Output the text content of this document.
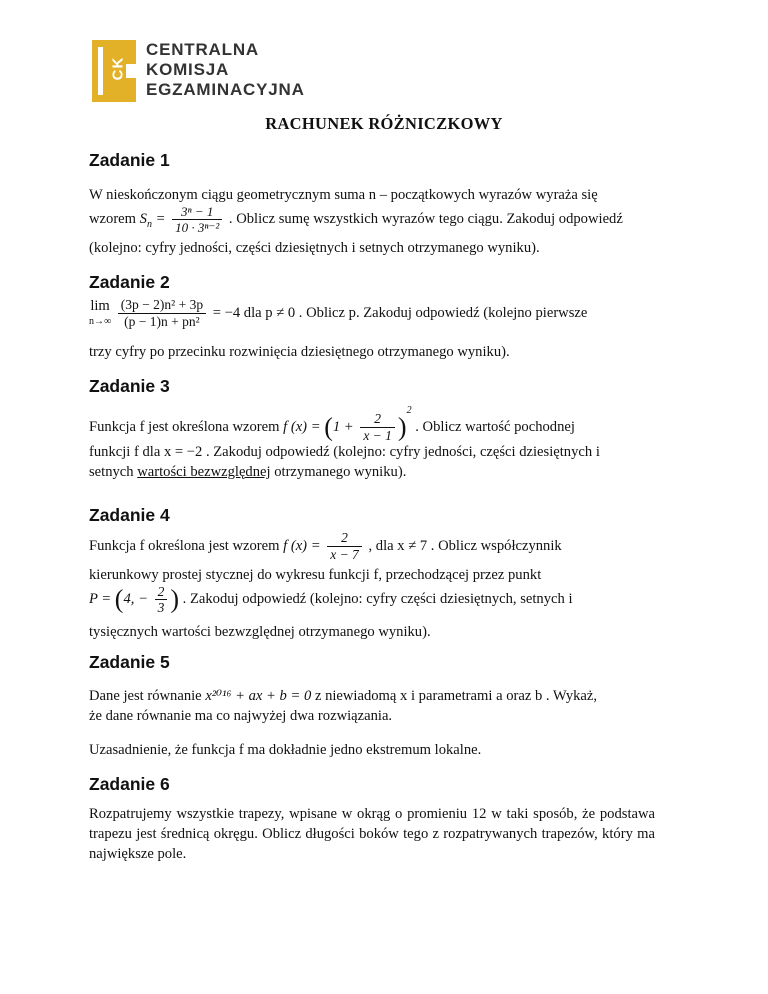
CK
CENTRALNA
KOMISJA
EGZAMINACYJNA
RACHUNEK RÓŻNICZKOWY
Zadanie 1
W nieskończonym ciągu geometrycznym suma n – początkowych wyrazów wyraża się
wzorem $S_n = \frac{\text{3ⁿ − 1}}{\text{10 · 3ⁿ⁻²}}$ . Oblicz sumę wszystkich wyrazów tego ciągu. Zakoduj odpowiedź
(kolejno: cyfry jedności, części dziesiętnych i setnych otrzymanego wyniku).
Zadanie 2
lim
$n\to\infty \frac{\text{(3p − 2)n² + 3p}}{\text{(p − 1)n + pn²}} = -4$ dla p ≠ 0 . Oblicz p. Zakoduj odpowiedź (kolejno pierwsze
trzy cyfry po przecinku rozwinięcia dziesiętnego otrzymanego wyniku).
Zadanie 3
Funkcja f jest określona wzorem f $(x) = (1 + \frac{2}{x - 1} )^2$ . Oblicz wartość pochodnej
funkcji f dla x = −2 . Zakoduj odpowiedź (kolejno: cyfry jedności, części dziesiętnych i
setnych wartości bezwzględnej otrzymanego wyniku).
Zadanie 4
Funkcja f określona jest wzorem f $(x) = \frac{2}{x - 7}$ , dla x ≠ 7 . Oblicz współczynnik
kierunkowy prostej stycznej do wykresu funkcji f, przechodzącej przez punkt
P = (4, − $\frac{2}{3}$ ) . Zakoduj odpowiedź (kolejno: cyfry części dziesiętnych, setnych i
tysięcznych wartości bezwzględnej otrzymanego wyniku).
Zadanie 5
Dane jest równanie x²⁰¹⁶ + ax + b = 0 z niewiadomą x i parametrami a oraz b . Wykaż,
że dane równanie ma co najwyżej dwa rozwiązania.
Uzasadnienie, że funkcja f ma dokładnie jedno ekstremum lokalne.
Zadanie 6
Rozpatrujemy wszystkie trapezy, wpisane w okrąg o promieniu 12 w taki sposób, że podstawa trapezu jest średnicą okręgu. Oblicz długości boków tego z rozpatrywanych trapezów, który ma największe pole.
